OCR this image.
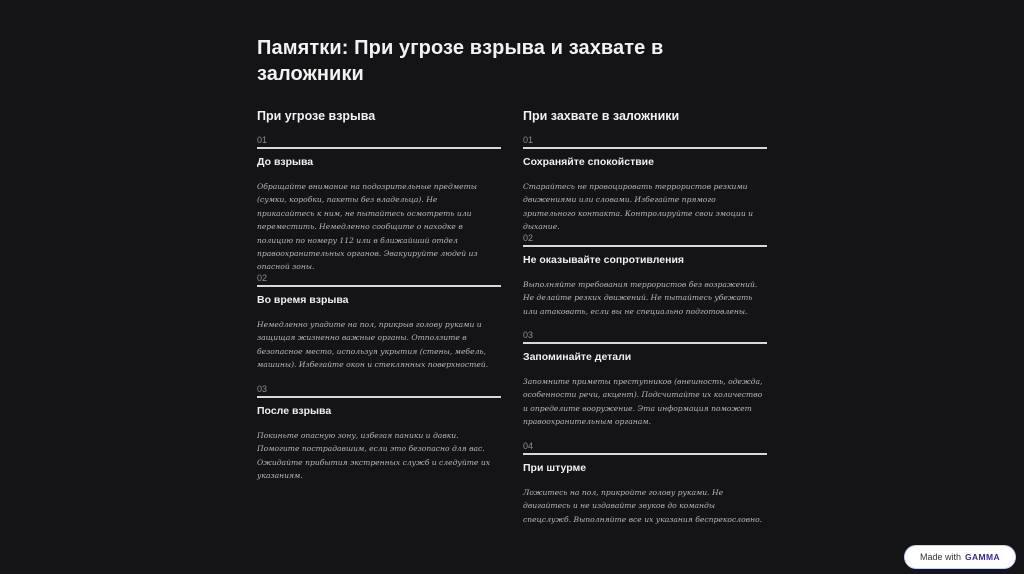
Памятки: При угрозе взрыва и захвате в заложники
При угрозе взрыва
01
До взрыва
Обращайте внимание на подозрительные предметы (сумки, коробки, пакеты без владельца). Не прикасайтесь к ним, не пытайтесь осмотреть или переместить. Немедленно сообщите о находке в полицию по номеру 112 или в ближайший отдел правоохранительных органов. Эвакуируйте людей из опасной зоны.
02
Во время взрыва
Немедленно упадите на пол, прикрыв голову руками и защищая жизненно важные органы. Отползите в безопасное место, используя укрытия (стены, мебель, машины). Избегайте окон и стеклянных поверхностей.
03
После взрыва
Покиньте опасную зону, избегая паники и давки. Помогите пострадавшим, если это безопасно для вас. Ожидайте прибытия экстренных служб и следуйте их указаниям.
При захвате в заложники
01
Сохраняйте спокойствие
Старайтесь не провоцировать террористов резкими движениями или словами. Избегайте прямого зрительного контакта. Контролируйте свои эмоции и дыхание.
02
Не оказывайте сопротивления
Выполняйте требования террористов без возражений. Не делайте резких движений. Не пытайтесь убежать или атаковать, если вы не специально подготовлены.
03
Запоминайте детали
Запомните приметы преступников (внешность, одежда, особенности речи, акцент). Подсчитайте их количество и определите вооружение. Эта информация поможет правоохранительным органам.
04
При штурме
Ложитесь на пол, прикройте голову руками. Не двигайтесь и не издавайте звуков до команды спецслужб. Выполняйте все их указания беспрекословно.
Made with GAMMA
